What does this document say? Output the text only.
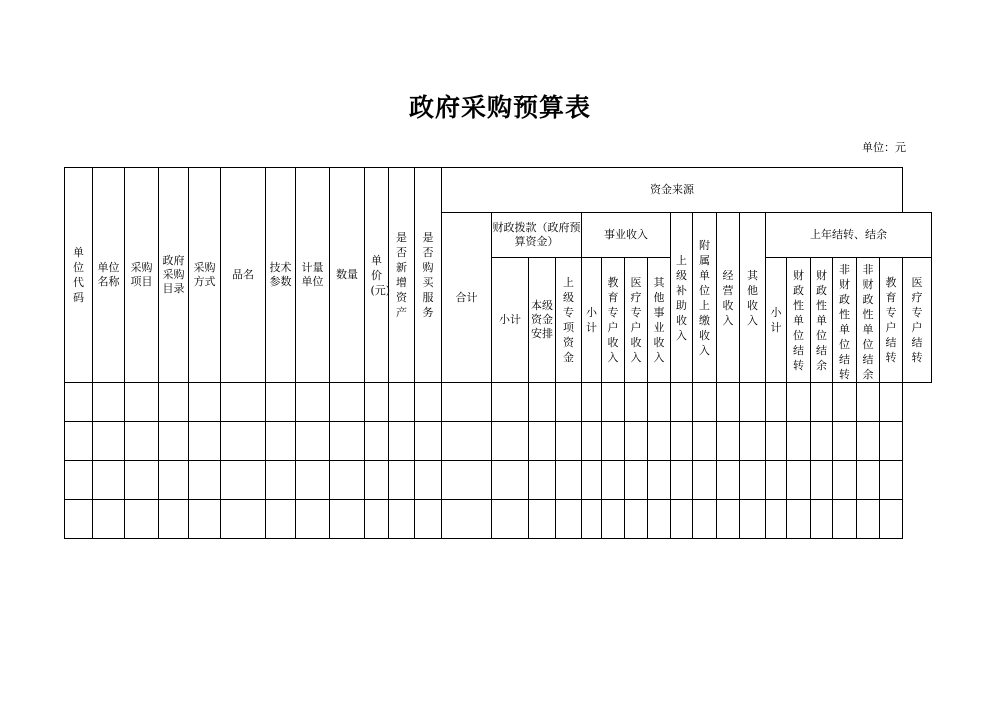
政府采购预算表
单位：元
单位代码	单位名称	采购项目	政府采购目录	采购方式	品名	技术参数	计量单位	数量	单价(元)	是否新增资产	是否购买服务	资金来源																		
												合计	财政拨款（政府预算资金）			事业收入				上级补助收入	附属单位上缴收入	经营收入	其他收入	上年结转、结余						
													小计	本级资金安排	上级专项资金	小计	教育专户收入	医疗专户收入	其他事业收入					小计	财政性单位结转	财政性单位结余	非财政性单位结转	非财政性单位结余	教育专户结转	医疗专户结转
